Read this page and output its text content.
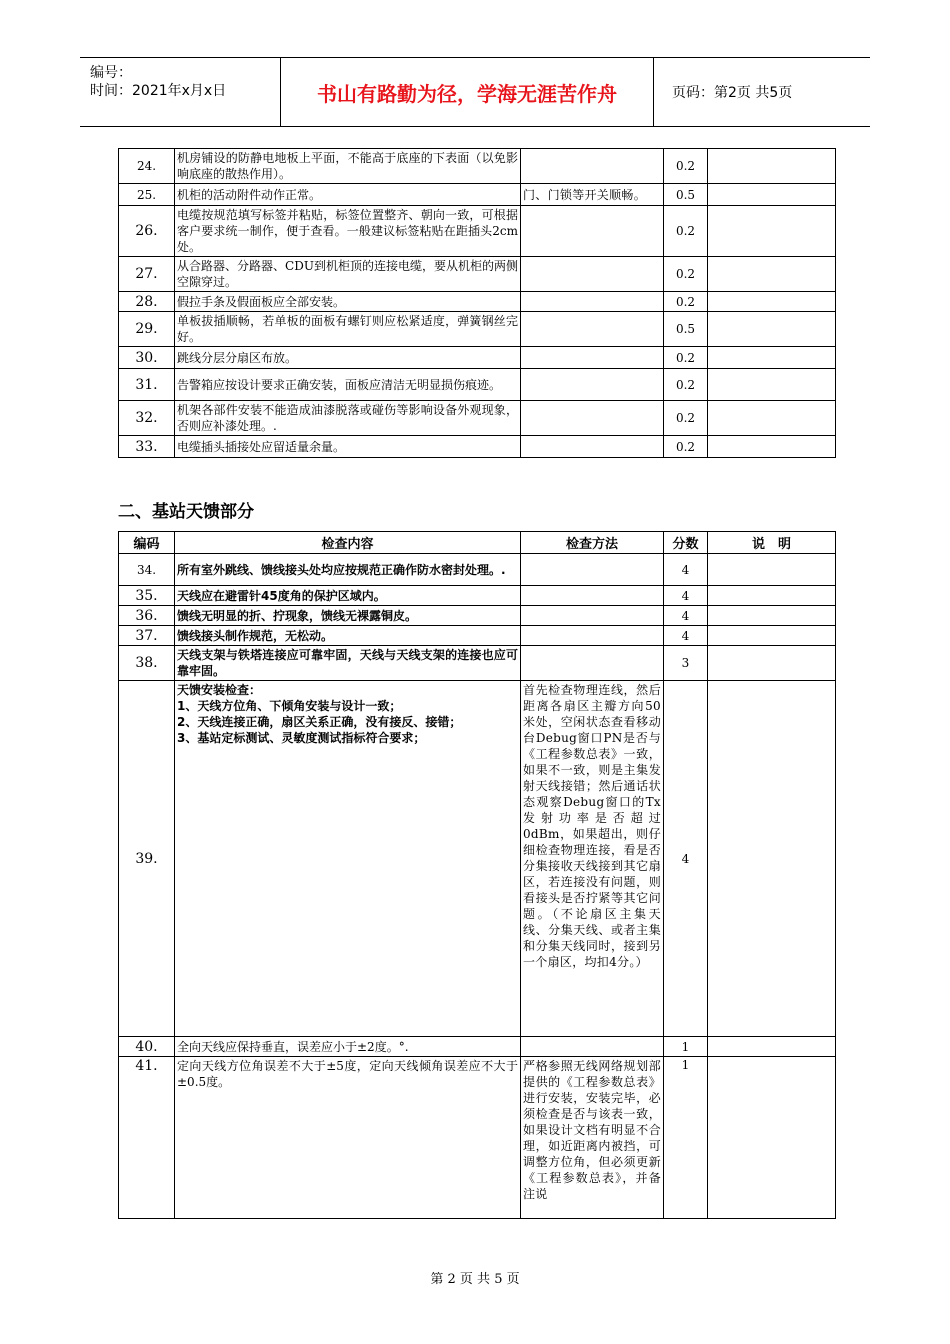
编号：
时间：2021年x月x日	书山有路勤为径，学海无涯苦作舟	页码：第2页 共5页
24.	机房铺设的防静电地板上平面，不能高于底座的下表面（以免影响底座的散热作用）。		0.2	
25.	机柜的活动附件动作正常。	门、门锁等开关顺畅。	0.5	
26.	电缆按规范填写标签并粘贴，标签位置整齐、朝向一致，可根据客户要求统一制作，便于查看。一般建议标签粘贴在距插头2cm处。		0.2	
27.	从合路器、分路器、CDU到机柜顶的连接电缆，要从机柜的两侧空隙穿过。		0.2	
28.	假拉手条及假面板应全部安装。		0.2	
29.	单板拔插顺畅，若单板的面板有螺钉则应松紧适度，弹簧钢丝完好。		0.5	
30.	跳线分层分扇区布放。		0.2	
31.	告警箱应按设计要求正确安装，面板应清洁无明显损伤痕迹。		0.2	
32.	机架各部件安装不能造成油漆脱落或碰伤等影响设备外观现象，否则应补漆处理。.		0.2	
33.	电缆插头插接处应留适量余量。		0.2	
二、基站天馈部分
编码	检查内容	检查方法	分数	说　明
34.	所有室外跳线、馈线接头处均应按规范正确作防水密封处理。.		4	
35.	天线应在避雷针45度角的保护区域内。		4	
36.	馈线无明显的折、拧现象，馈线无裸露铜皮。		4	
37.	馈线接头制作规范，无松动。		4	
38.	天线支架与铁塔连接应可靠牢固，天线与天线支架的连接也应可靠牢固。		3	
39.	天馈安装检查：
1、天线方位角、下倾角安装与设计一致；
2、天线连接正确，扇区关系正确，没有接反、接错；
3、基站定标测试、灵敏度测试指标符合要求；	首先检查物理连线，然后距离各扇区主瓣方向50米处，空闲状态查看移动台Debug窗口PN是否与《工程参数总表》一致，如果不一致，则是主集发射天线接错；然后通话状态观察Debug窗口的Tx发射功率是否超过0dBm，如果超出，则仔细检查物理连接，看是否分集接收天线接到其它扇区，若连接没有问题，则看接头是否拧紧等其它问题。（不论扇区主集天线、分集天线、或者主集和分集天线同时，接到另一个扇区，均扣4分。）	4	
40.	全向天线应保持垂直，误差应小于±2度。°.		1	
41.	定向天线方位角误差不大于±5度，定向天线倾角误差应不大于±0.5度。	严格参照无线网络规划部提供的《工程参数总表》进行安装，安装完毕，必须检查是否与该表一致，如果设计文档有明显不合理，如近距离内被挡，可调整方位角，但必须更新《工程参数总表》，并备注说	1	
第 2 页 共 5 页
